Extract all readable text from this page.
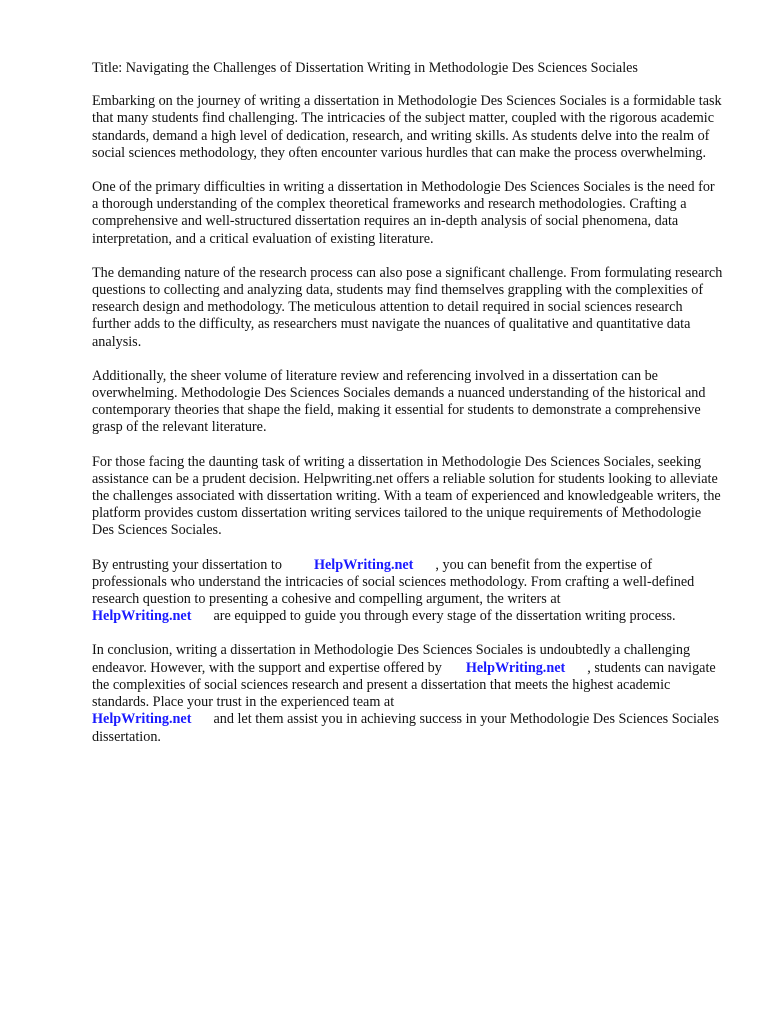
Title: Navigating the Challenges of Dissertation Writing in Methodologie Des Sciences Sociales

Embarking on the journey of writing a dissertation in Methodologie Des Sciences Sociales is a formidable task that many students find challenging. The intricacies of the subject matter, coupled with the rigorous academic standards, demand a high level of dedication, research, and writing skills. As students delve into the realm of social sciences methodology, they often encounter various hurdles that can make the process overwhelming.

One of the primary difficulties in writing a dissertation in Methodologie Des Sciences Sociales is the need for a thorough understanding of the complex theoretical frameworks and research methodologies. Crafting a comprehensive and well-structured dissertation requires an in-depth analysis of social phenomena, data interpretation, and a critical evaluation of existing literature.

The demanding nature of the research process can also pose a significant challenge. From formulating research questions to collecting and analyzing data, students may find themselves grappling with the complexities of research design and methodology. The meticulous attention to detail required in social sciences research further adds to the difficulty, as researchers must navigate the nuances of qualitative and quantitative data analysis.

Additionally, the sheer volume of literature review and referencing involved in a dissertation can be overwhelming. Methodologie Des Sciences Sociales demands a nuanced understanding of the historical and contemporary theories that shape the field, making it essential for students to demonstrate a comprehensive grasp of the relevant literature.

For those facing the daunting task of writing a dissertation in Methodologie Des Sciences Sociales, seeking assistance can be a prudent decision. Helpwriting.net offers a reliable solution for students looking to alleviate the challenges associated with dissertation writing. With a team of experienced and knowledgeable writers, the platform provides custom dissertation writing services tailored to the unique requirements of Methodologie Des Sciences Sociales.

By entrusting your dissertation to HelpWriting.net , you can benefit from the expertise of professionals who understand the intricacies of social sciences methodology. From crafting a well-defined research question to presenting a cohesive and compelling argument, the writers at
HelpWriting.net are equipped to guide you through every stage of the dissertation writing process.

In conclusion, writing a dissertation in Methodologie Des Sciences Sociales is undoubtedly a challenging endeavor. However, with the support and expertise offered by HelpWriting.net , students can navigate the complexities of social sciences research and present a dissertation that meets the highest academic standards. Place your trust in the experienced team at
HelpWriting.net and let them assist you in achieving success in your Methodologie Des Sciences Sociales dissertation.
